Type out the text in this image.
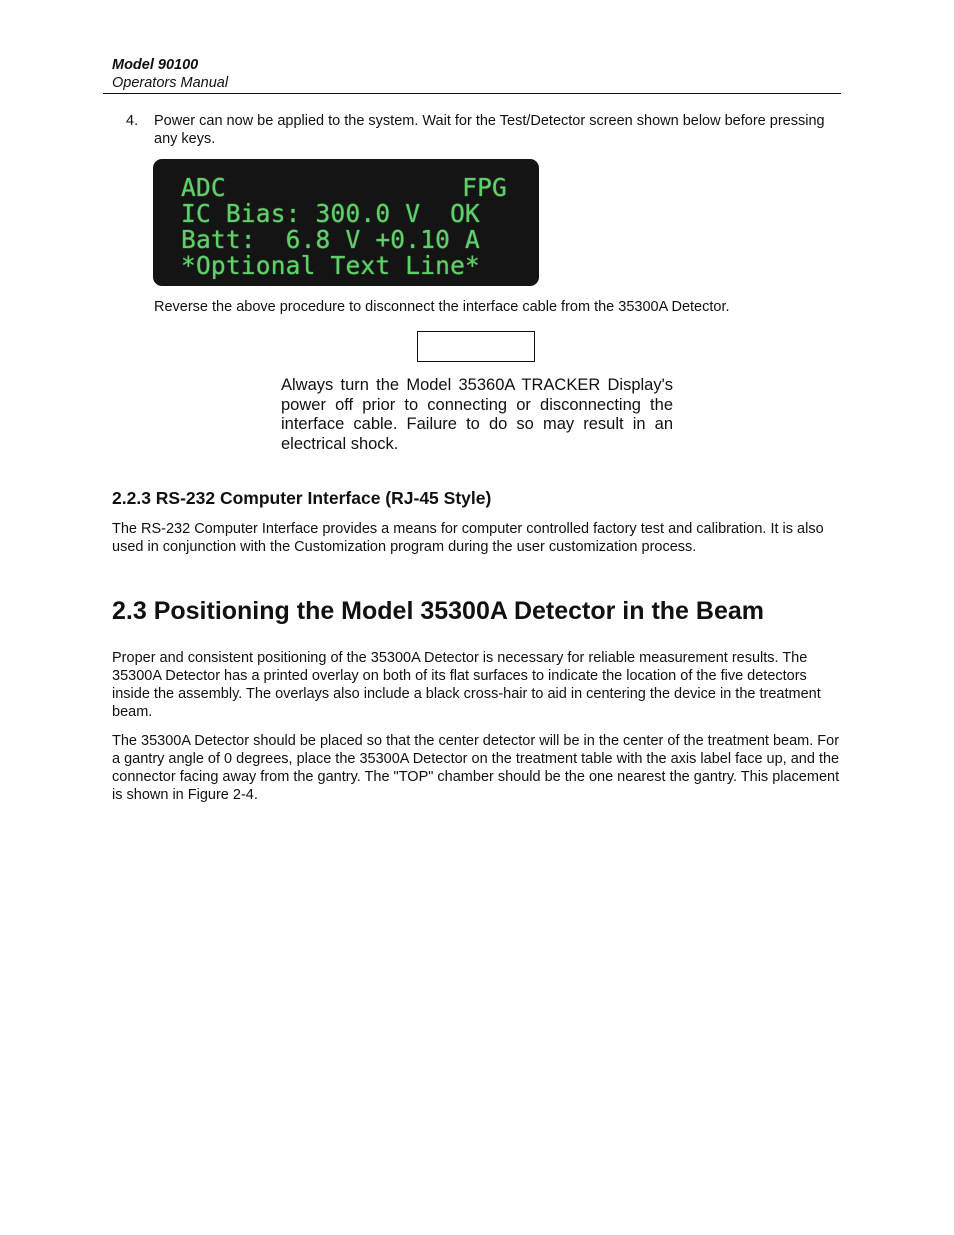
Model 90100
Operators Manual
4. Power can now be applied to the system. Wait for the Test/Detector screen shown below before pressing any keys.
ADC	FPG
IC Bias: 300.0 V  OK
Batt:  6.8 V +0.10 A
*Optional Text Line*
Reverse the above procedure to disconnect the interface cable from the 35300A Detector.
Always turn the Model 35360A TRACKER Display's power off prior to connecting or disconnecting the interface cable. Failure to do so may result in an electrical shock.
2.2.3 RS-232 Computer Interface (RJ-45 Style)
The RS-232 Computer Interface provides a means for computer controlled factory test and calibration. It is also used in conjunction with the Customization program during the user customization process.
2.3 Positioning the Model 35300A Detector in the Beam
Proper and consistent positioning of the 35300A Detector is necessary for reliable measurement results. The 35300A Detector has a printed overlay on both of its flat surfaces to indicate the location of the five detectors inside the assembly. The overlays also include a black cross-hair to aid in centering the device in the treatment beam.
The 35300A Detector should be placed so that the center detector will be in the center of the treatment beam. For a gantry angle of 0 degrees, place the 35300A Detector on the treatment table with the axis label face up, and the connector facing away from the gantry. The "TOP" chamber should be the one nearest the gantry. This placement is shown in Figure 2-4.
